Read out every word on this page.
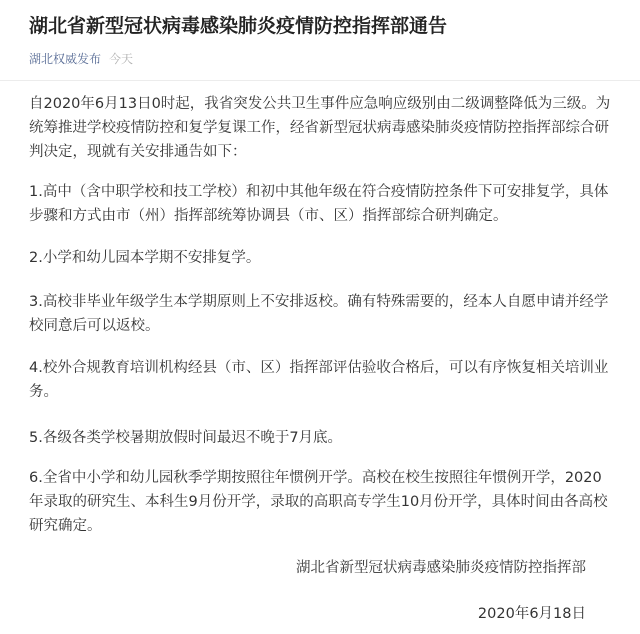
湖北省新型冠状病毒感染肺炎疫情防控指挥部通告
湖北权威发布 今天

自2020年6月13日0时起，我省突发公共卫生事件应急响应级别由二级调整降低为三级。为统筹推进学校疫情防控和复学复课工作，经省新型冠状病毒感染肺炎疫情防控指挥部综合研判决定，现就有关安排通告如下：

1.高中（含中职学校和技工学校）和初中其他年级在符合疫情防控条件下可安排复学，具体步骤和方式由市（州）指挥部统筹协调县（市、区）指挥部综合研判确定。

2.小学和幼儿园本学期不安排复学。

3.高校非毕业年级学生本学期原则上不安排返校。确有特殊需要的，经本人自愿申请并经学校同意后可以返校。

4.校外合规教育培训机构经县（市、区）指挥部评估验收合格后，可以有序恢复相关培训业务。

5.各级各类学校暑期放假时间最迟不晚于7月底。

6.全省中小学和幼儿园秋季学期按照往年惯例开学。高校在校生按照往年惯例开学，2020年录取的研究生、本科生9月份开学，录取的高职高专学生10月份开学，具体时间由各高校研究确定。

湖北省新型冠状病毒感染肺炎疫情防控指挥部

2020年6月18日
